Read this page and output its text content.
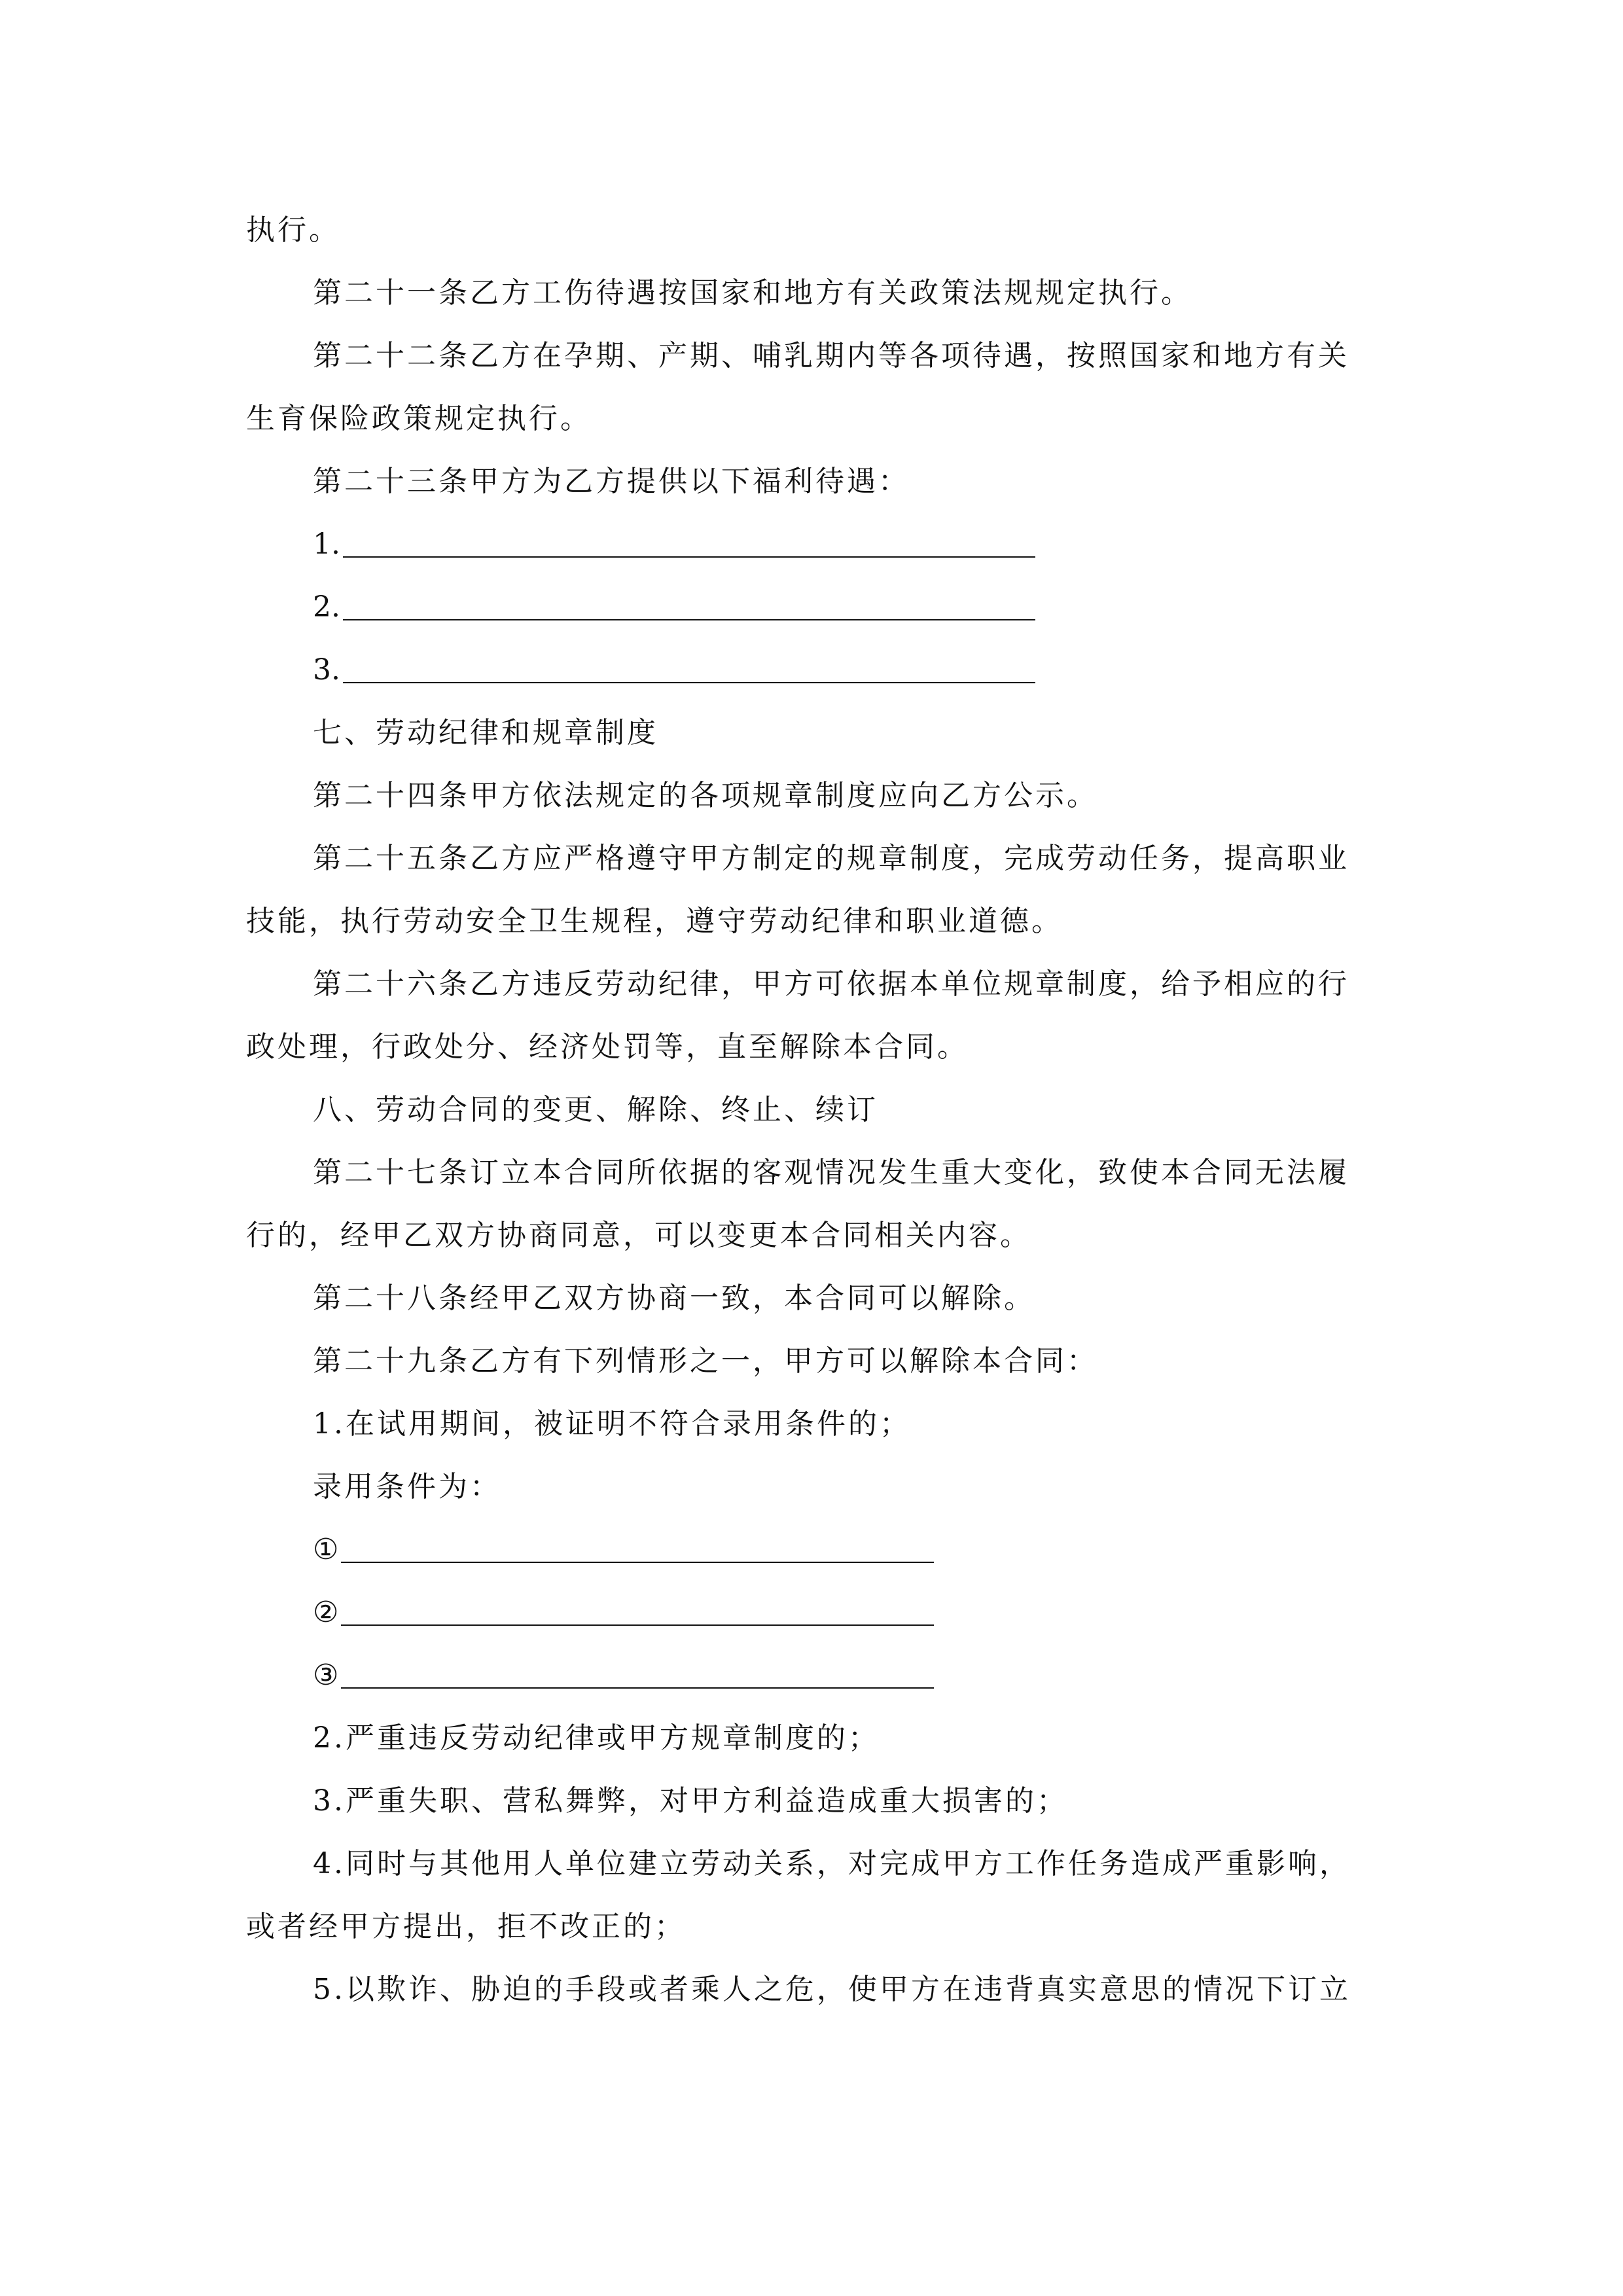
执行。
第二十一条乙方工伤待遇按国家和地方有关政策法规规定执行。
第二十二条乙方在孕期、产期、哺乳期内等各项待遇，按照国家和地方有关
生育保险政策规定执行。
第二十三条甲方为乙方提供以下福利待遇：
1.
2.
3.
七、劳动纪律和规章制度
第二十四条甲方依法规定的各项规章制度应向乙方公示。
第二十五条乙方应严格遵守甲方制定的规章制度，完成劳动任务，提高职业
技能，执行劳动安全卫生规程，遵守劳动纪律和职业道德。
第二十六条乙方违反劳动纪律，甲方可依据本单位规章制度，给予相应的行
政处理，行政处分、经济处罚等，直至解除本合同。
八、劳动合同的变更、解除、终止、续订
第二十七条订立本合同所依据的客观情况发生重大变化，致使本合同无法履
行的，经甲乙双方协商同意，可以变更本合同相关内容。
第二十八条经甲乙双方协商一致，本合同可以解除。
第二十九条乙方有下列情形之一，甲方可以解除本合同：
1.在试用期间，被证明不符合录用条件的；
录用条件为：
①
②
③
2.严重违反劳动纪律或甲方规章制度的；
3.严重失职、营私舞弊，对甲方利益造成重大损害的；
4.同时与其他用人单位建立劳动关系，对完成甲方工作任务造成严重影响，
或者经甲方提出，拒不改正的；
5.以欺诈、胁迫的手段或者乘人之危，使甲方在违背真实意思的情况下订立
